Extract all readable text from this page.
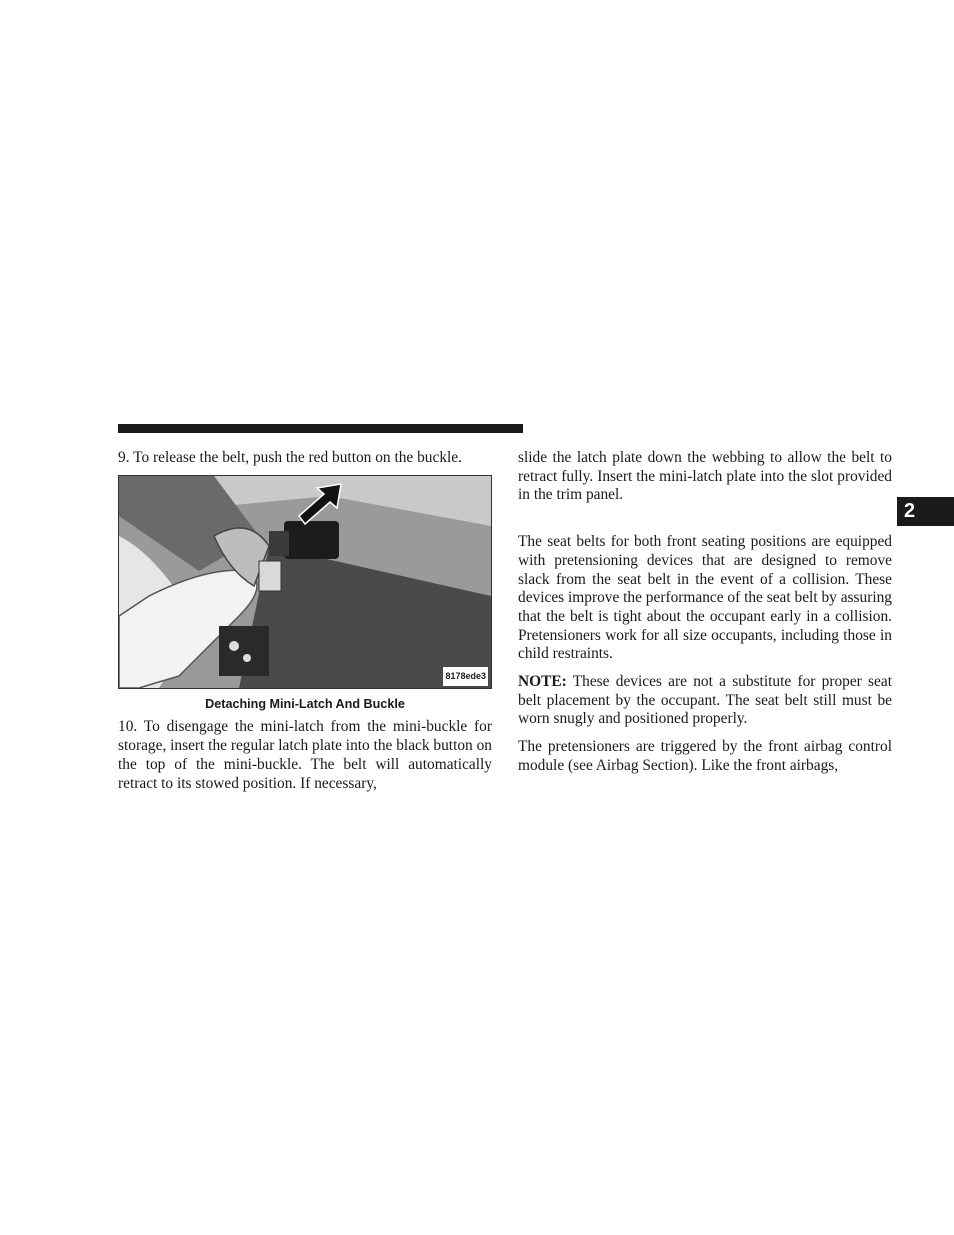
9. To release the belt, push the red button on the buckle.

8178ede3
Detaching Mini-Latch And Buckle

10. To disengage the mini-latch from the mini-buckle for storage, insert the regular latch plate into the black button on the top of the mini-buckle. The belt will automatically retract to its stowed position. If necessary,

slide the latch plate down the webbing to allow the belt to retract fully. Insert the mini-latch plate into the slot provided in the trim panel.

The seat belts for both front seating positions are equipped with pretensioning devices that are designed to remove slack from the seat belt in the event of a collision. These devices improve the performance of the seat belt by assuring that the belt is tight about the occupant early in a collision. Pretensioners work for all size occupants, including those in child restraints.

NOTE: These devices are not a substitute for proper seat belt placement by the occupant. The seat belt still must be worn snugly and positioned properly.

The pretensioners are triggered by the front airbag control module (see Airbag Section). Like the front airbags,

2
